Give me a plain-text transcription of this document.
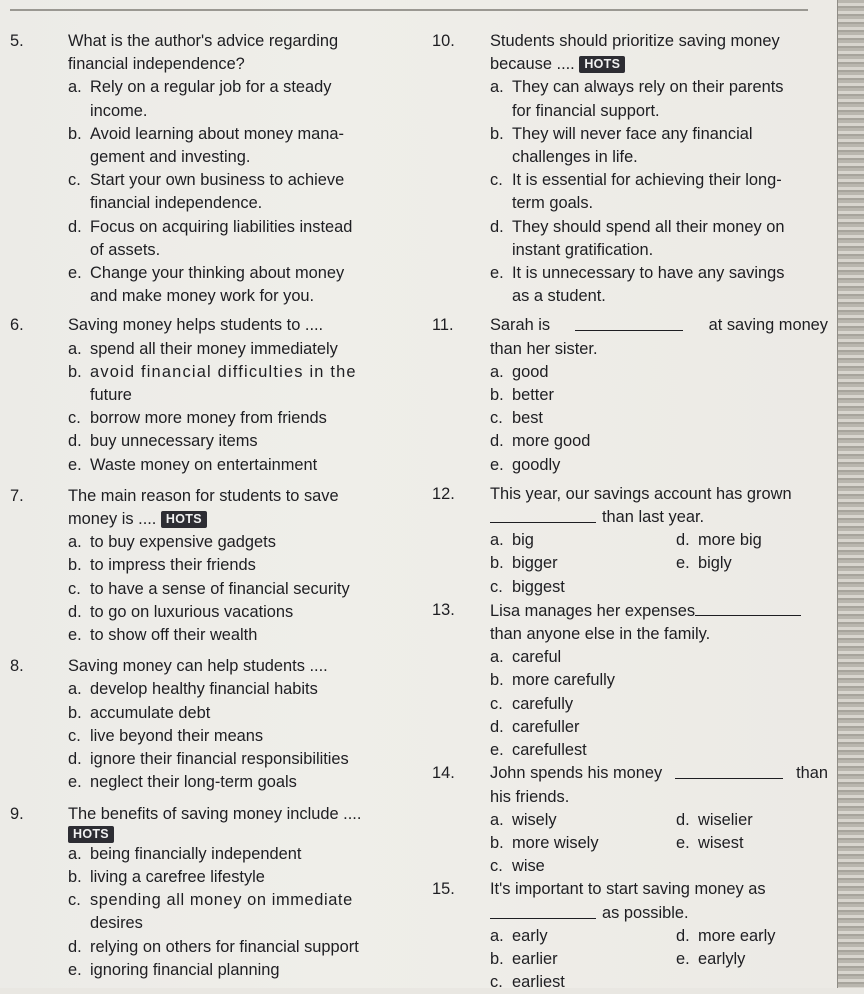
5.	What is the author's advice regarding
financial independence?
a. Rely on a regular job for a steady
income.
b. Avoid learning about money mana-
gement and investing.
c. Start your own business to achieve
financial independence.
d. Focus on acquiring liabilities instead
of assets.
e. Change your thinking about money
and make money work for you.
6.	Saving money helps students to ....
a. spend all their money immediately
b. avoid financial difficulties in the
future
c. borrow more money from friends
d. buy unnecessary items
e. Waste money on entertainment
7.	The main reason for students to save
money is .... HOTS
a. to buy expensive gadgets
b. to impress their friends
c. to have a sense of financial security
d. to go on luxurious vacations
e. to show off their wealth
8.	Saving money can help students ....
a. develop healthy financial habits
b. accumulate debt
c. live beyond their means
d. ignore their financial responsibilities
e. neglect their long-term goals
9.	The benefits of saving money include ....
HOTS
a. being financially independent
b. living a carefree lifestyle
c. spending all money on immediate
desires
d. relying on others for financial support
e. ignoring financial planning
10.	Students should prioritize saving money
because .... HOTS
a. They can always rely on their parents
for financial support.
b. They will never face any financial
challenges in life.
c. It is essential for achieving their long-
term goals.
d. They should spend all their money on
instant gratification.
e. It is unnecessary to have any savings
as a student.
11.	Sarah is	at saving money
than her sister.
a. good
b. better
c. best
d. more good
e. goodly
12.	This year, our savings account has grown
than last year.
a. big	d. more big
b. bigger	e. bigly
c. biggest
13.	Lisa manages her expenses
than anyone else in the family.
a. careful
b. more carefully
c. carefully
d. carefuller
e. carefullest
14.	John spends his money	than
his friends.
a. wisely	d. wiselier
b. more wisely	e. wisest
c. wise
15.	It's important to start saving money as
as possible.
a. early	d. more early
b. earlier	e. earlyly
c. earliest
